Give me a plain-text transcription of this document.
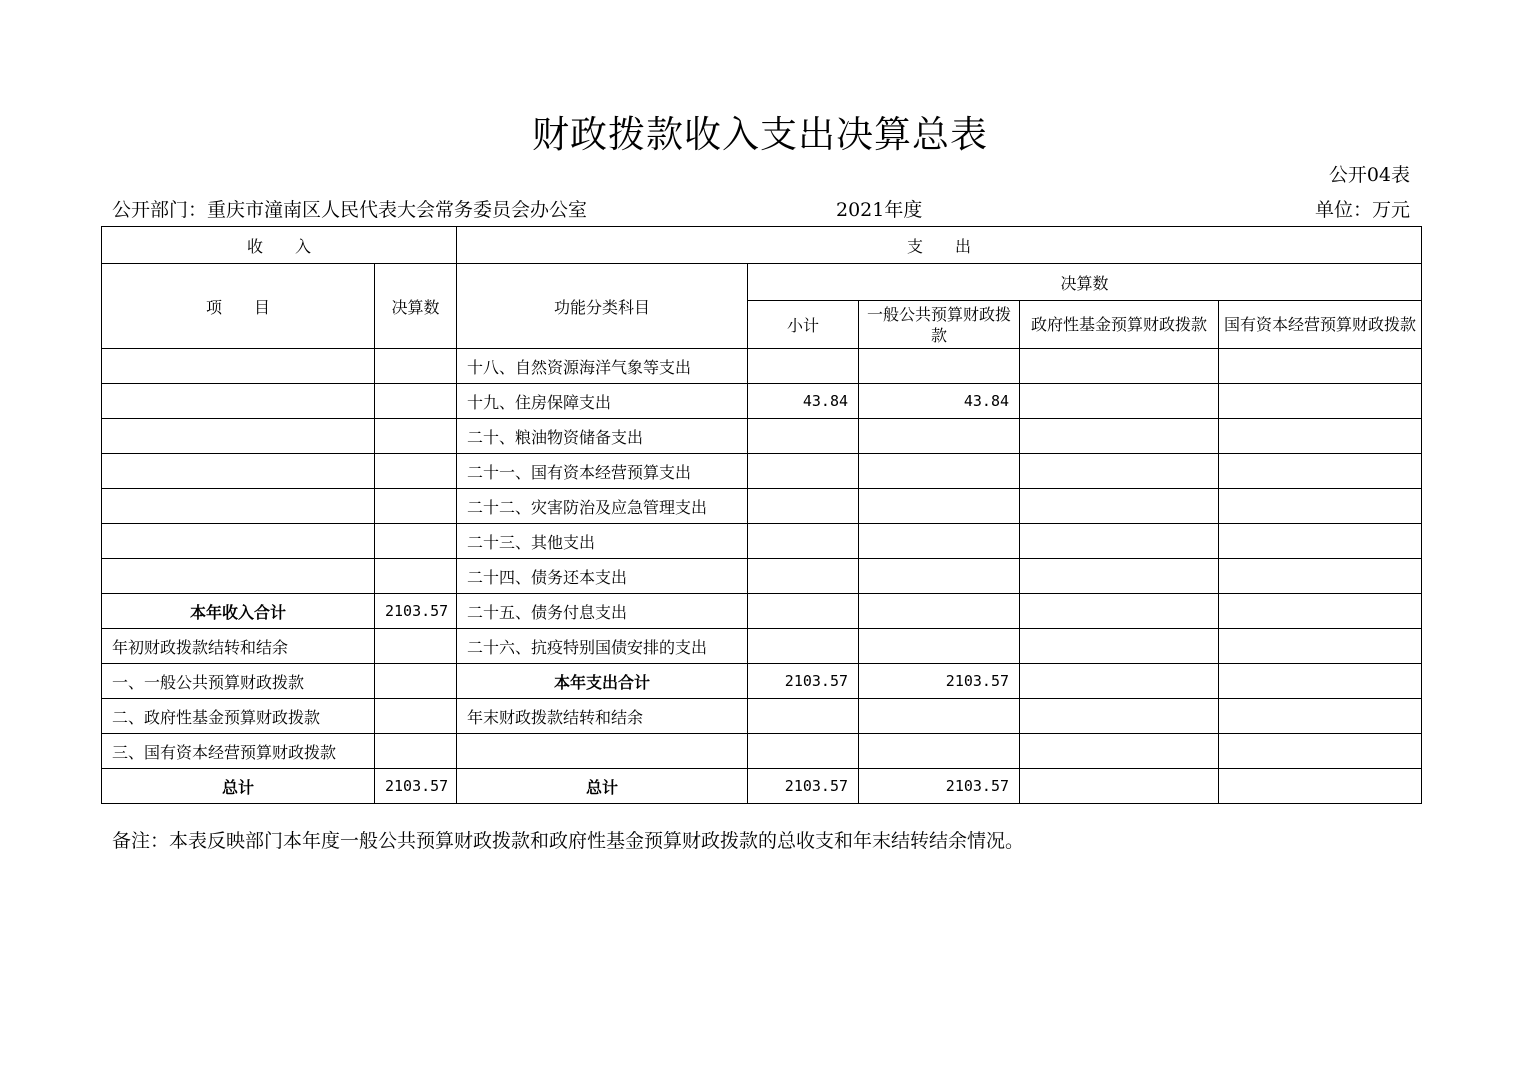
财政拨款收入支出决算总表
公开04表
公开部门：重庆市潼南区人民代表大会常务委员会办公室	2021年度	单位：万元
收　　入		支　　出				
项　　目	决算数	功能分类科目	决算数			
			小计	一般公共预算财政拨款	政府性基金预算财政拨款	国有资本经营预算财政拨款
		十八、自然资源海洋气象等支出				
		十九、住房保障支出	43.84	43.84		
		二十、粮油物资储备支出				
		二十一、国有资本经营预算支出				
		二十二、灾害防治及应急管理支出				
		二十三、其他支出				
		二十四、债务还本支出				
本年收入合计	2103.57	二十五、债务付息支出				
年初财政拨款结转和结余		二十六、抗疫特别国债安排的支出				
一、一般公共预算财政拨款		本年支出合计	2103.57	2103.57		
二、政府性基金预算财政拨款		年末财政拨款结转和结余				
三、国有资本经营预算财政拨款						
总计	2103.57	总计	2103.57	2103.57		
备注：本表反映部门本年度一般公共预算财政拨款和政府性基金预算财政拨款的总收支和年末结转结余情况。
